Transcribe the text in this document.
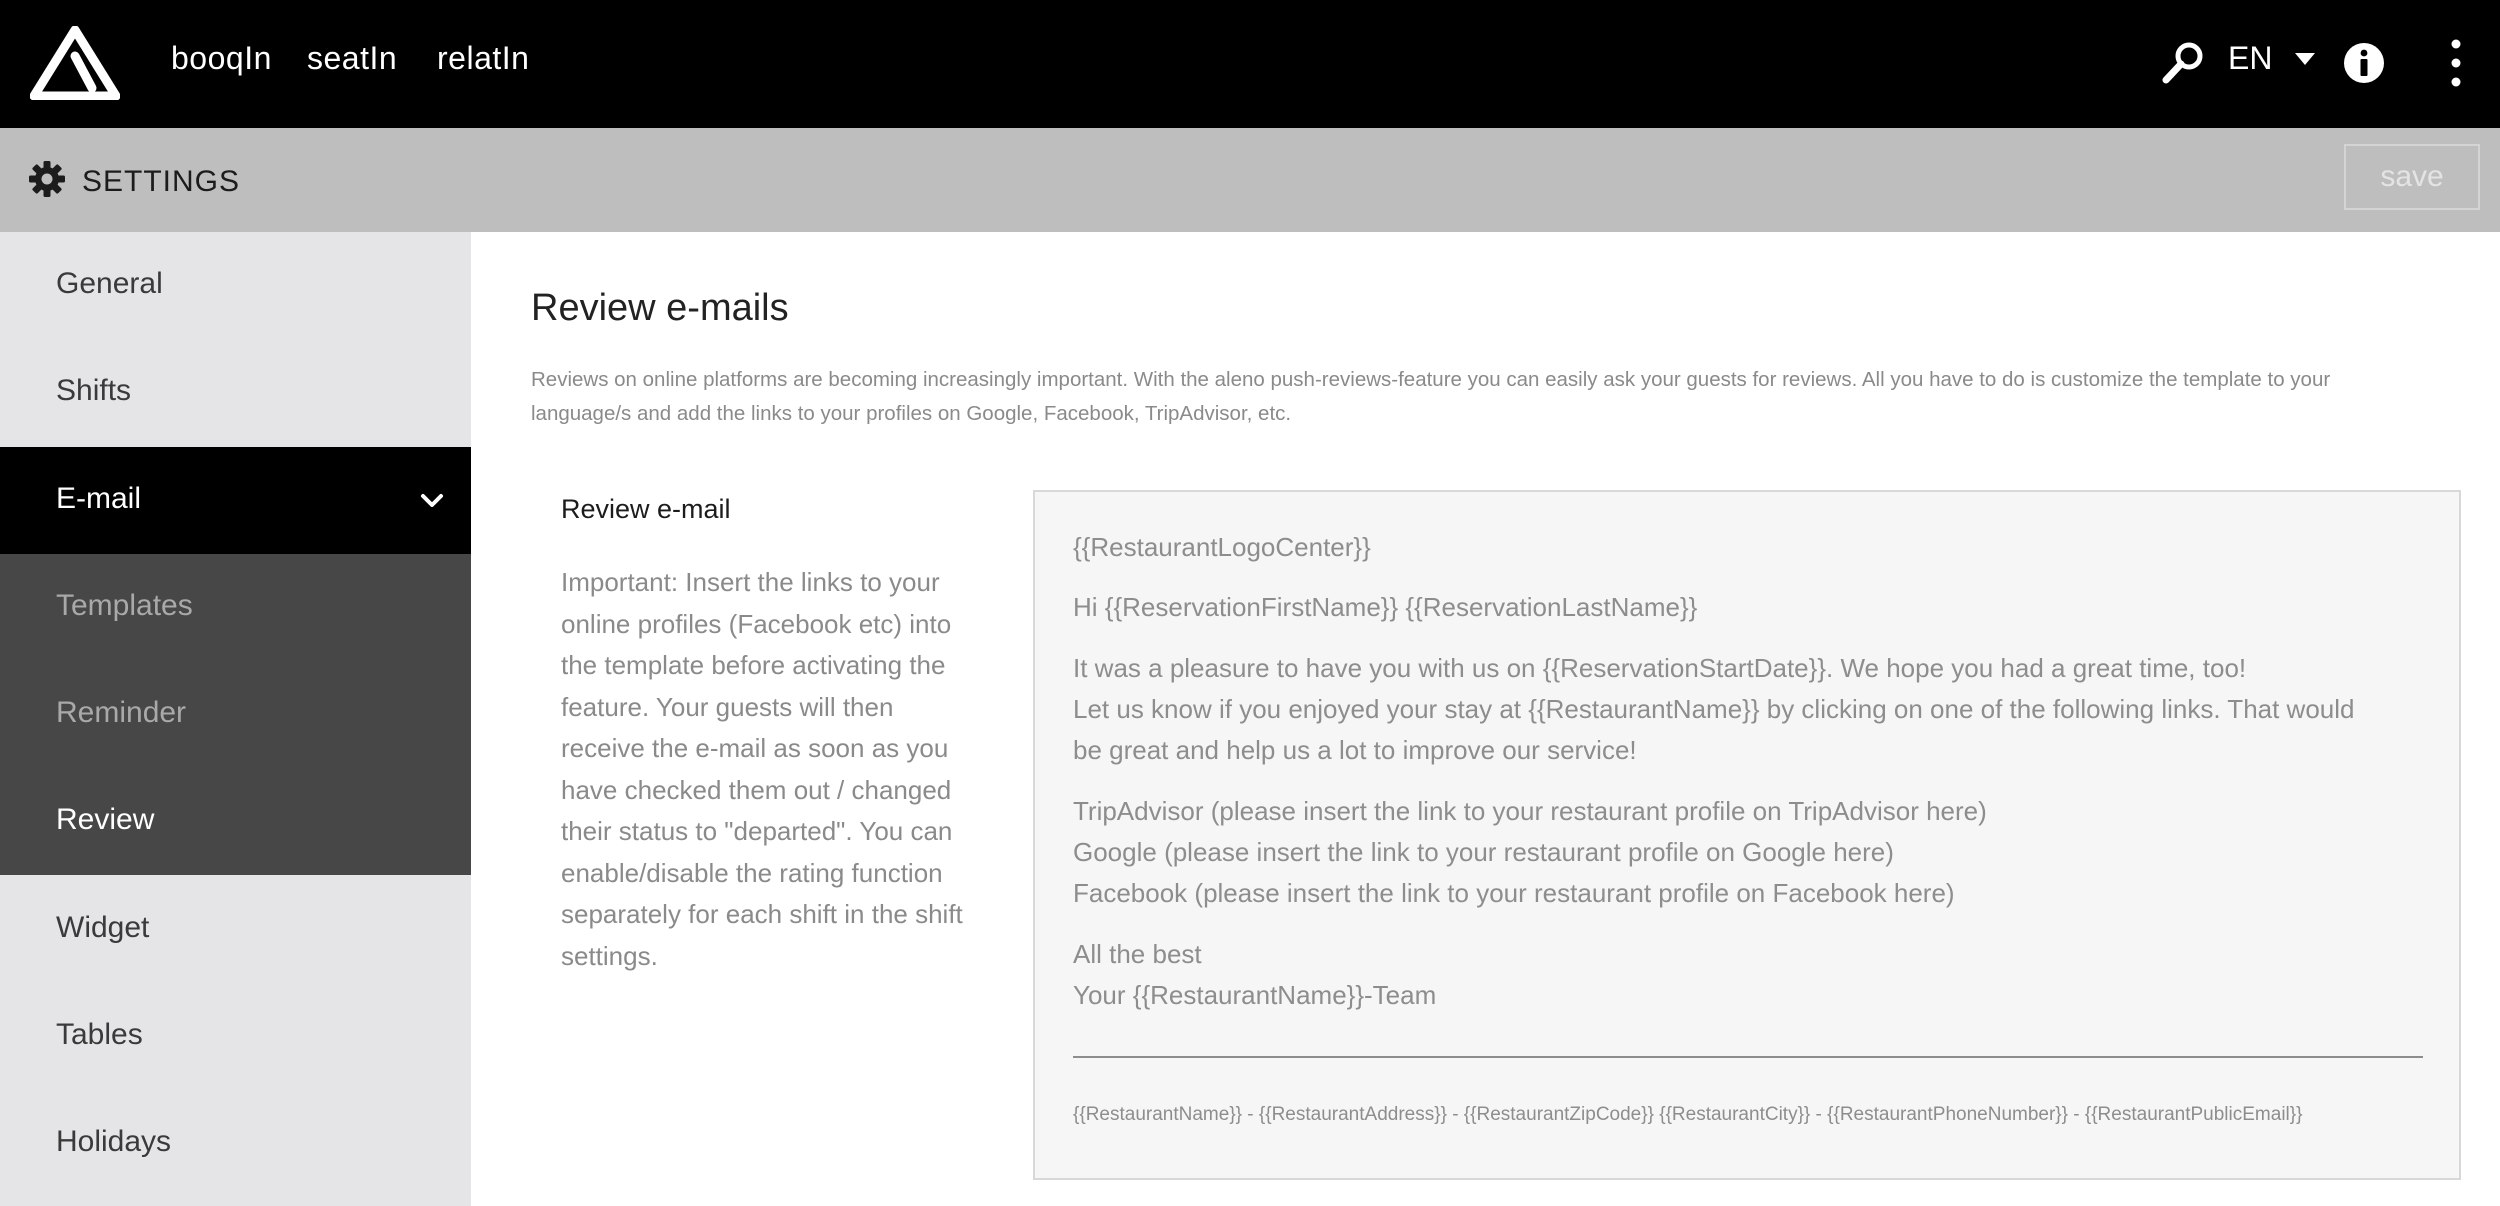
booqIn seatIn relatIn	EN
SETTINGS	save
General
Shifts
E-mail
Templates
Reminder
Review
Widget
Tables
Holidays
Review e-mails
Reviews on online platforms are becoming increasingly important. With the aleno push-reviews-feature you can easily ask your guests for reviews. All you have to do is customize the template to your language/s and add the links to your profiles on Google, Facebook, TripAdvisor, etc.
Review e-mail
Important: Insert the links to your online profiles (Facebook etc) into the template before activating the feature. Your guests will then receive the e-mail as soon as you have checked them out / changed their status to "departed". You can enable/disable the rating function separately for each shift in the shift settings.
{{RestaurantLogoCenter}}
Hi {{ReservationFirstName}} {{ReservationLastName}}
It was a pleasure to have you with us on {{ReservationStartDate}}. We hope you had a great time, too!
Let us know if you enjoyed your stay at {{RestaurantName}} by clicking on one of the following links. That would
be great and help us a lot to improve our service!
TripAdvisor (please insert the link to your restaurant profile on TripAdvisor here)
Google (please insert the link to your restaurant profile on Google here)
Facebook (please insert the link to your restaurant profile on Facebook here)
All the best
Your {{RestaurantName}}-Team
{{RestaurantName}} - {{RestaurantAddress}} - {{RestaurantZipCode}} {{RestaurantCity}} - {{RestaurantPhoneNumber}} - {{RestaurantPublicEmail}}
